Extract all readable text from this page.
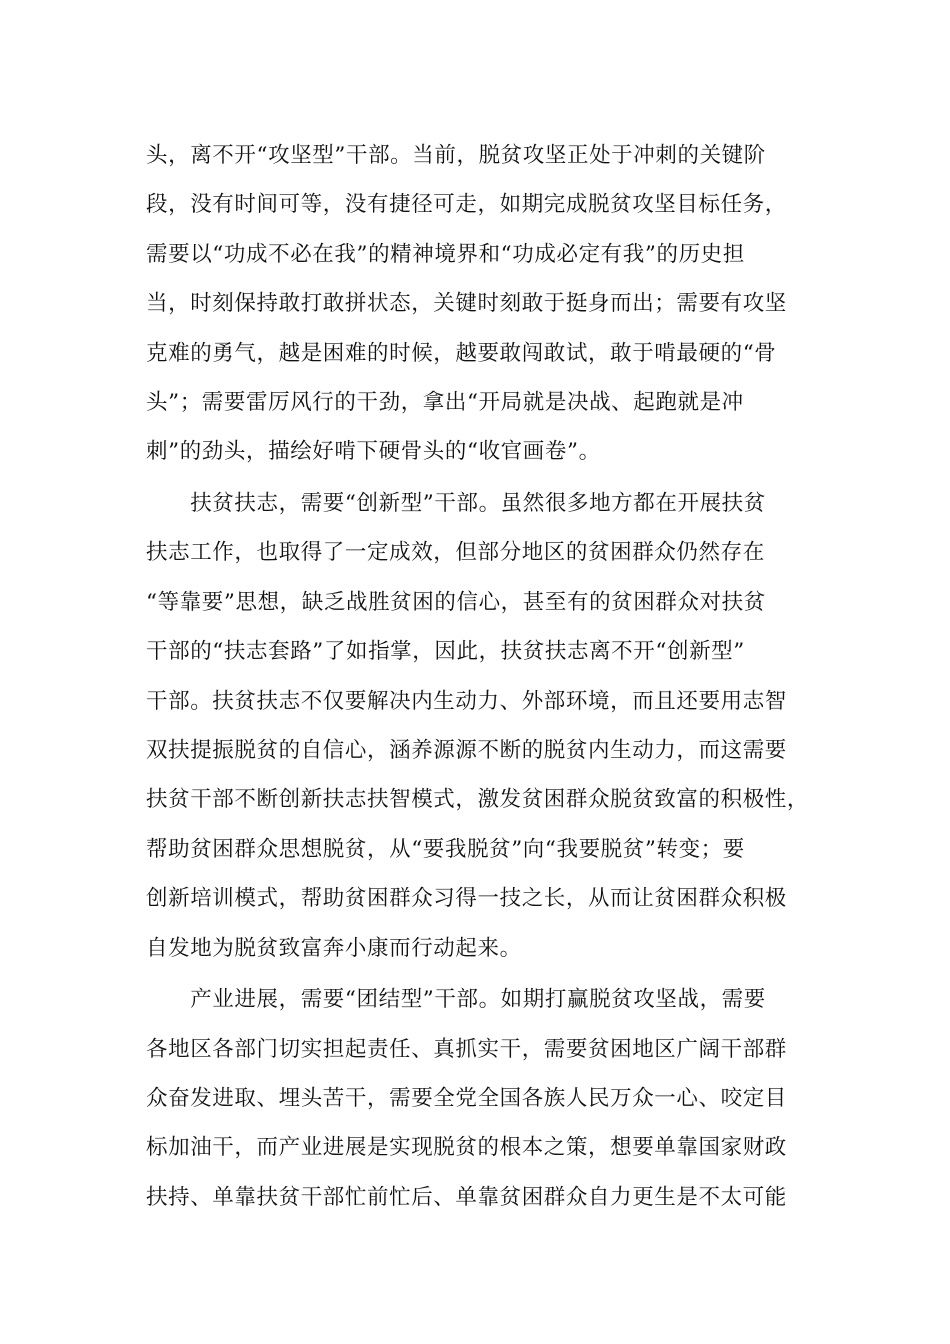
头，离不开“攻坚型”干部。当前，脱贫攻坚正处于冲刺的关键阶
段，没有时间可等，没有捷径可走，如期完成脱贫攻坚目标任务，
需要以“功成不必在我”的精神境界和“功成必定有我”的历史担
当，时刻保持敢打敢拼状态，关键时刻敢于挺身而出；需要有攻坚
克难的勇气，越是困难的时候，越要敢闯敢试，敢于啃最硬的“骨
头”；需要雷厉风行的干劲，拿出“开局就是决战、起跑就是冲
刺”的劲头，描绘好啃下硬骨头的“收官画卷”。
　　扶贫扶志，需要“创新型”干部。虽然很多地方都在开展扶贫
扶志工作，也取得了一定成效，但部分地区的贫困群众仍然存在
“等靠要”思想，缺乏战胜贫困的信心，甚至有的贫困群众对扶贫
干部的“扶志套路”了如指掌，因此，扶贫扶志离不开“创新型”
干部。扶贫扶志不仅要解决内生动力、外部环境，而且还要用志智
双扶提振脱贫的自信心，涵养源源不断的脱贫内生动力，而这需要
扶贫干部不断创新扶志扶智模式，激发贫困群众脱贫致富的积极性，
帮助贫困群众思想脱贫，从“要我脱贫”向“我要脱贫”转变；要
创新培训模式，帮助贫困群众习得一技之长，从而让贫困群众积极
自发地为脱贫致富奔小康而行动起来。
　　产业进展，需要“团结型”干部。如期打赢脱贫攻坚战，需要
各地区各部门切实担起责任、真抓实干，需要贫困地区广阔干部群
众奋发进取、埋头苦干，需要全党全国各族人民万众一心、咬定目
标加油干，而产业进展是实现脱贫的根本之策，想要单靠国家财政
扶持、单靠扶贫干部忙前忙后、单靠贫困群众自力更生是不太可能
